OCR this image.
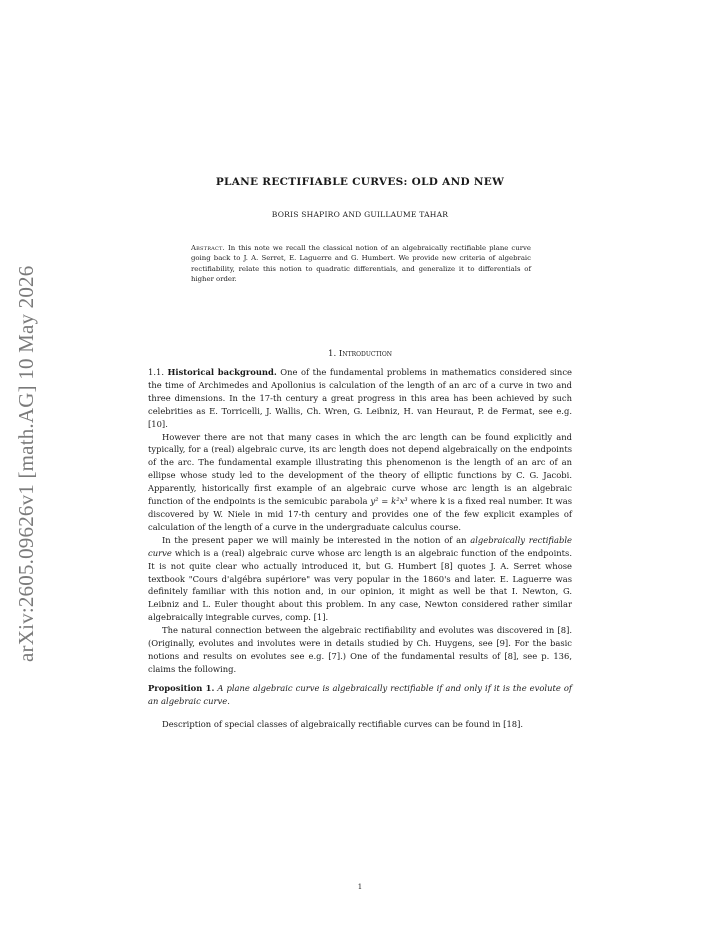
arXiv:2605.09626v1 [math.AG] 10 May 2026
PLANE RECTIFIABLE CURVES: OLD AND NEW
BORIS SHAPIRO AND GUILLAUME TAHAR
Abstract. In this note we recall the classical notion of an algebraically rectifiable plane curve going back to J. A. Serret, E. Laguerre and G. Humbert. We provide new criteria of algebraic rectifiability, relate this notion to quadratic differentials, and generalize it to differentials of higher order.
1. Introduction

1.1. Historical background. One of the fundamental problems in mathematics considered since the time of Archimedes and Apollonius is calculation of the length of an arc of a curve in two and three dimensions. In the 17-th century a great progress in this area has been achieved by such celebrities as E. Torricelli, J. Wallis, Ch. Wren, G. Leibniz, H. van Heuraut, P. de Fermat, see e.g. [10].

However there are not that many cases in which the arc length can be found explicitly and typically, for a (real) algebraic curve, its arc length does not depend algebraically on the endpoints of the arc. The fundamental example illustrating this phenomenon is the length of an arc of an ellipse whose study led to the development of the theory of elliptic functions by C. G. Jacobi. Apparently, historically first example of an algebraic curve whose arc length is an algebraic function of the endpoints is the semicubic parabola y² = k²x³ where k is a fixed real number. It was discovered by W. Niele in mid 17-th century and provides one of the few explicit examples of calculation of the length of a curve in the undergraduate calculus course.

In the present paper we will mainly be interested in the notion of an algebraically rectifiable curve which is a (real) algebraic curve whose arc length is an algebraic function of the endpoints. It is not quite clear who actually introduced it, but G. Humbert [8] quotes J. A. Serret whose textbook "Cours d'algébra supériore" was very popular in the 1860's and later. E. Laguerre was definitely familiar with this notion and, in our opinion, it might as well be that I. Newton, G. Leibniz and L. Euler thought about this problem. In any case, Newton considered rather similar algebraically integrable curves, comp. [1].

The natural connection between the algebraic rectifiability and evolutes was discovered in [8]. (Originally, evolutes and involutes were in details studied by Ch. Huygens, see [9]. For the basic notions and results on evolutes see e.g. [7].) One of the fundamental results of [8], see p. 136, claims the following.

Proposition 1. A plane algebraic curve is algebraically rectifiable if and only if it is the evolute of an algebraic curve.

Description of special classes of algebraically rectifiable curves can be found in [18].

1
